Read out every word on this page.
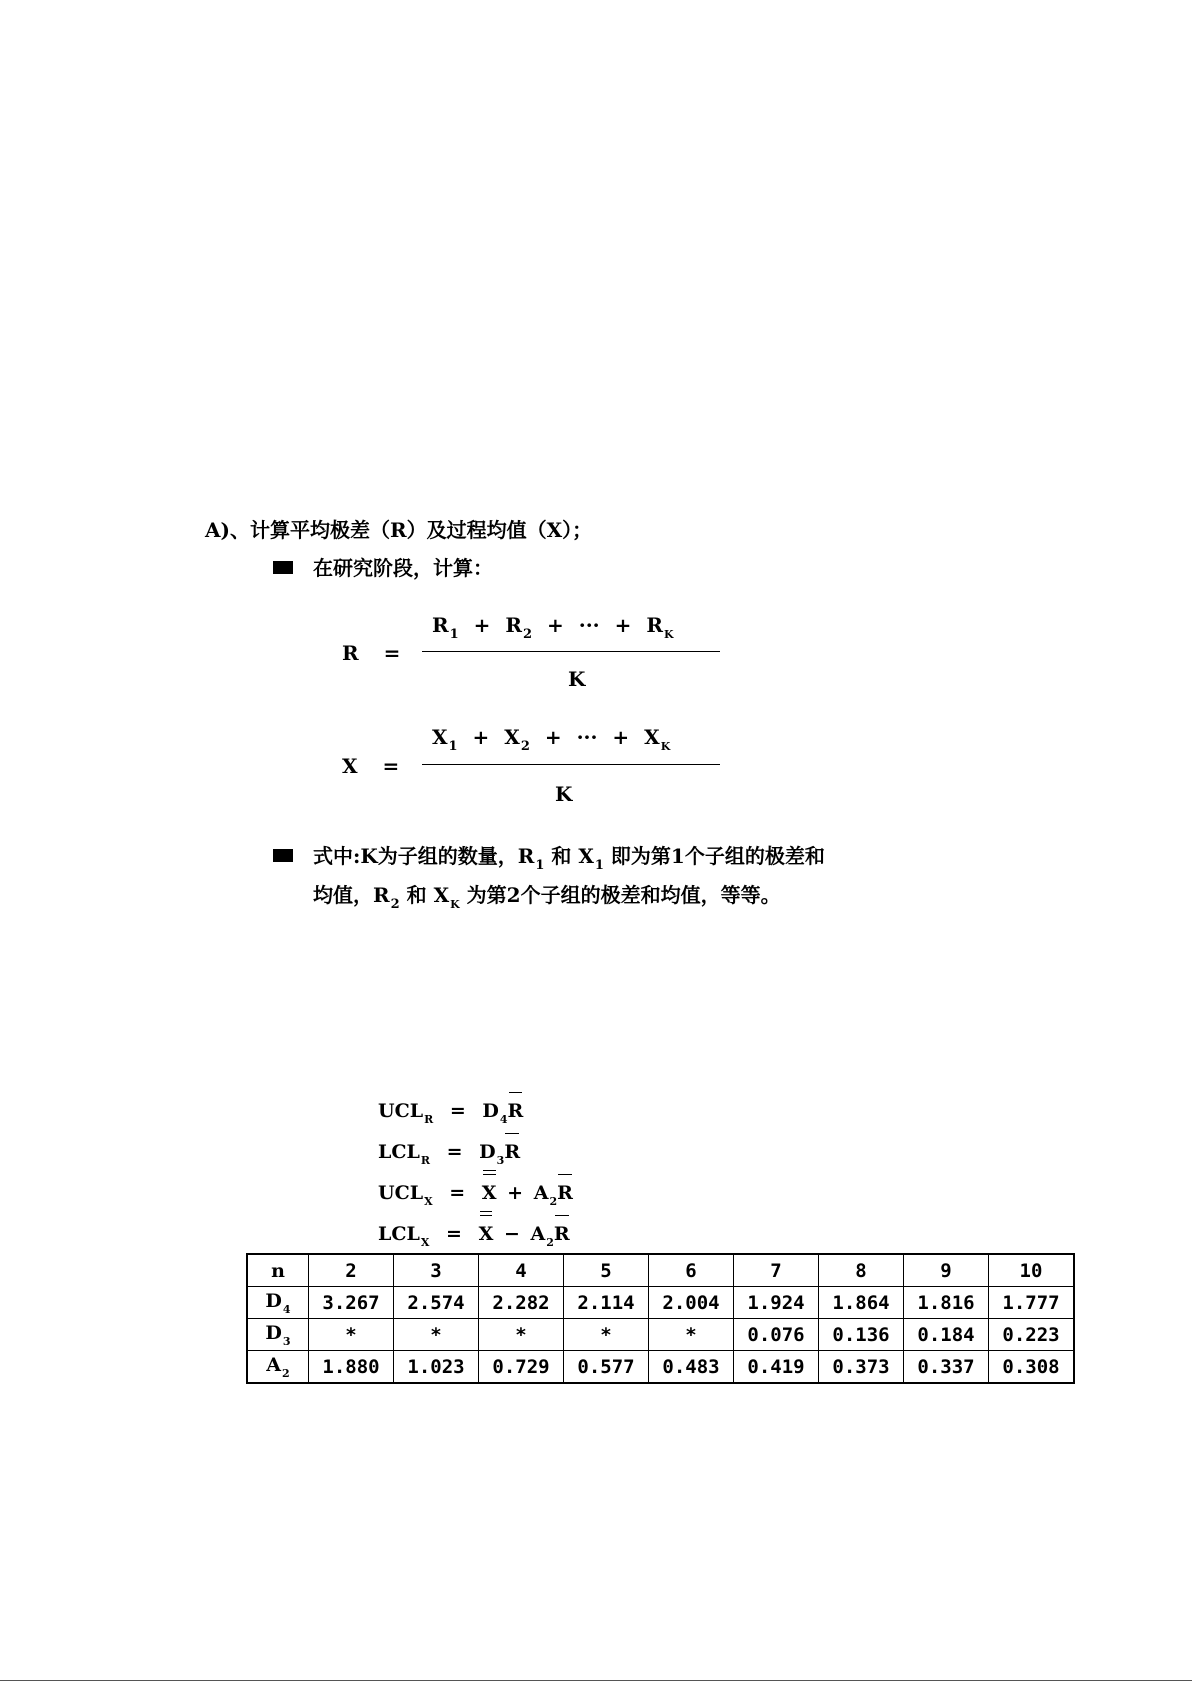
A)、计算平均极差（R）及过程均值（X）；
在研究阶段，计算：
R =
$R_1 + R_2$ + ··· + $R_K$
K
X =
$X_1 + X_2$ + ··· + $X_K$
K
式中:K为子组的数量，$R_1$ 和 $X_1$ 即为第1个子组的极差和
均值，$R_2$ 和 $X_K$ 为第2个子组的极差和均值，等等。
$UCL_R = D_4R$
$LCL_R = D_3R$
$UCL_X = X + A_2R$
$LCL_X = X - A_2R$
n	2	3	4	5	6	7	8	9	10
$D_4$	3.267	2.574	2.282	2.114	2.004	1.924	1.864	1.816	1.777
$D_3$	*	*	*	*	*	0.076	0.136	0.184	0.223
$A_2$	1.880	1.023	0.729	0.577	0.483	0.419	0.373	0.337	0.308
